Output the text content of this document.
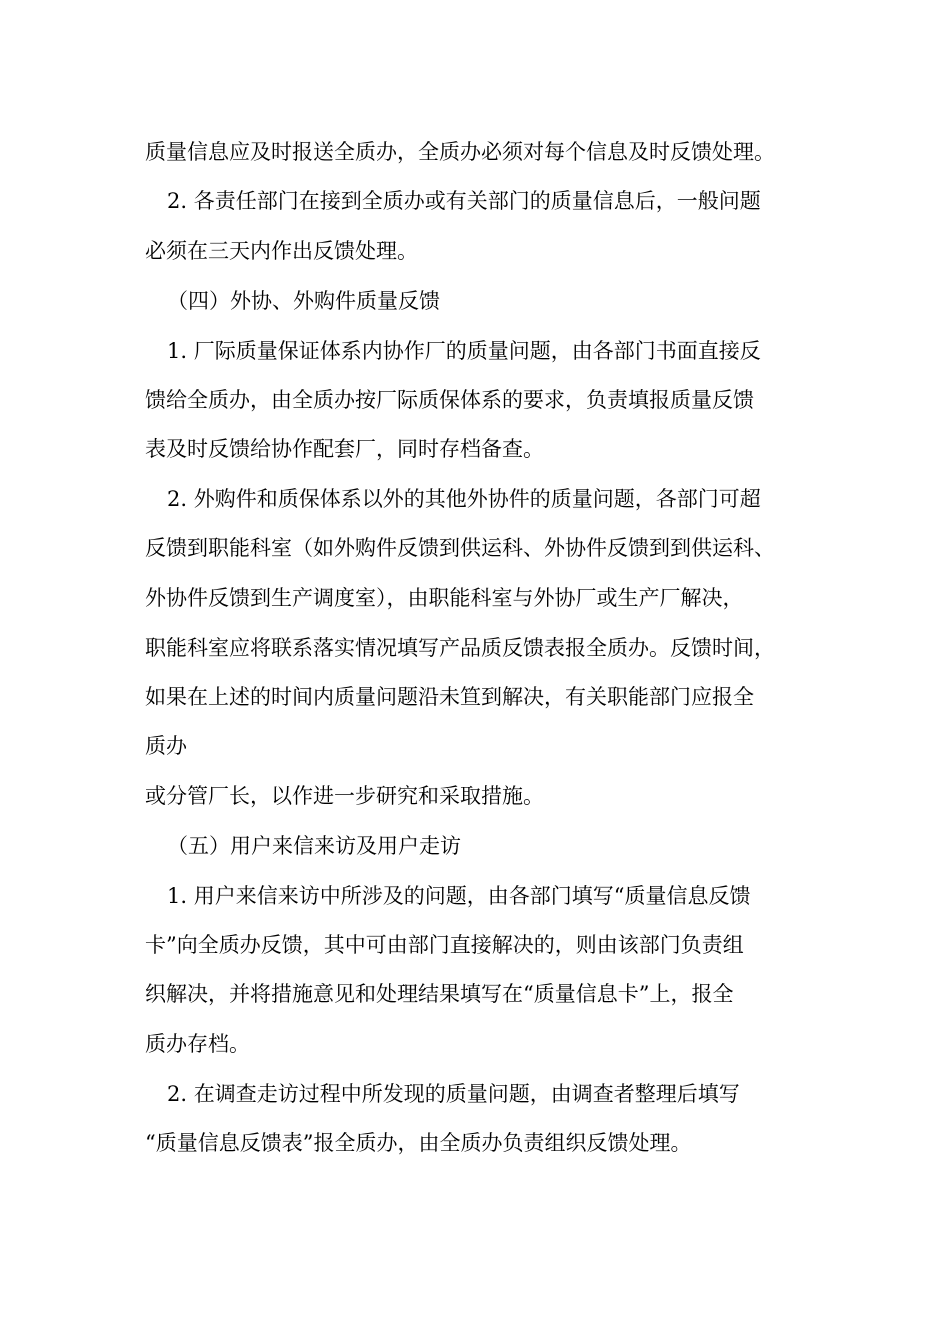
质量信息应及时报送全质办，全质办必须对每个信息及时反馈处理。
2. 各责任部门在接到全质办或有关部门的质量信息后，一般问题
必须在三天内作出反馈处理。
（四）外协、外购件质量反馈
1. 厂际质量保证体系内协作厂的质量问题，由各部门书面直接反
馈给全质办，由全质办按厂际质保体系的要求，负责填报质量反馈
表及时反馈给协作配套厂，同时存档备查。
2. 外购件和质保体系以外的其他外协件的质量问题，各部门可超
反馈到职能科室（如外购件反馈到供运科、外协件反馈到到供运科、
外协件反馈到生产调度室），由职能科室与外协厂或生产厂解决，
职能科室应将联系落实情况填写产品质反馈表报全质办。反馈时间，
如果在上述的时间内质量问题沿未笪到解决，有关职能部门应报全
质办
或分管厂长，以作进一步研究和采取措施。
（五）用户来信来访及用户走访
1. 用户来信来访中所涉及的问题，由各部门填写“质量信息反馈
卡”向全质办反馈，其中可由部门直接解决的，则由该部门负责组
织解决，并将措施意见和处理结果填写在“质量信息卡”上，报全
质办存档。
2. 在调查走访过程中所发现的质量问题，由调查者整理后填写
“质量信息反馈表”报全质办，由全质办负责组织反馈处理。
